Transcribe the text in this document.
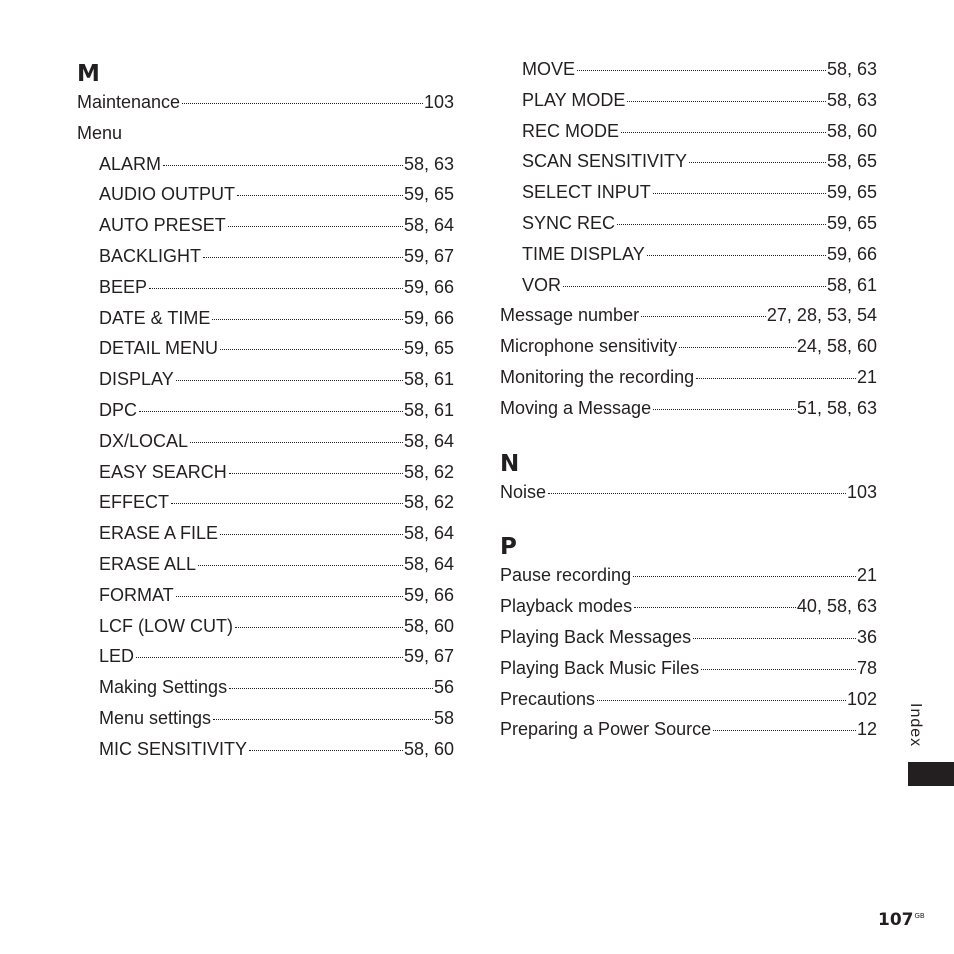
M
Maintenance	103
Menu
ALARM	58, 63
AUDIO OUTPUT	59, 65
AUTO PRESET	58, 64
BACKLIGHT	59, 67
BEEP	59, 66
DATE & TIME	59, 66
DETAIL MENU	59, 65
DISPLAY	58, 61
DPC	58, 61
DX/LOCAL	58, 64
EASY SEARCH	58, 62
EFFECT	58, 62
ERASE A FILE	58, 64
ERASE ALL	58, 64
FORMAT	59, 66
LCF (LOW CUT)	58, 60
LED	59, 67
Making Settings	56
Menu settings	58
MIC SENSITIVITY	58, 60
MOVE	58, 63
PLAY MODE	58, 63
REC MODE	58, 60
SCAN SENSITIVITY	58, 65
SELECT INPUT	59, 65
SYNC REC	59, 65
TIME DISPLAY	59, 66
VOR	58, 61
Message number	27, 28, 53, 54
Microphone sensitivity	24, 58, 60
Monitoring the recording	21
Moving a Message	51, 58, 63
N
Noise	103
P
Pause recording	21
Playback modes	40, 58, 63
Playing Back Messages	36
Playing Back Music Files	78
Precautions	102
Preparing a Power Source	12 Index
$107^{GB}$
